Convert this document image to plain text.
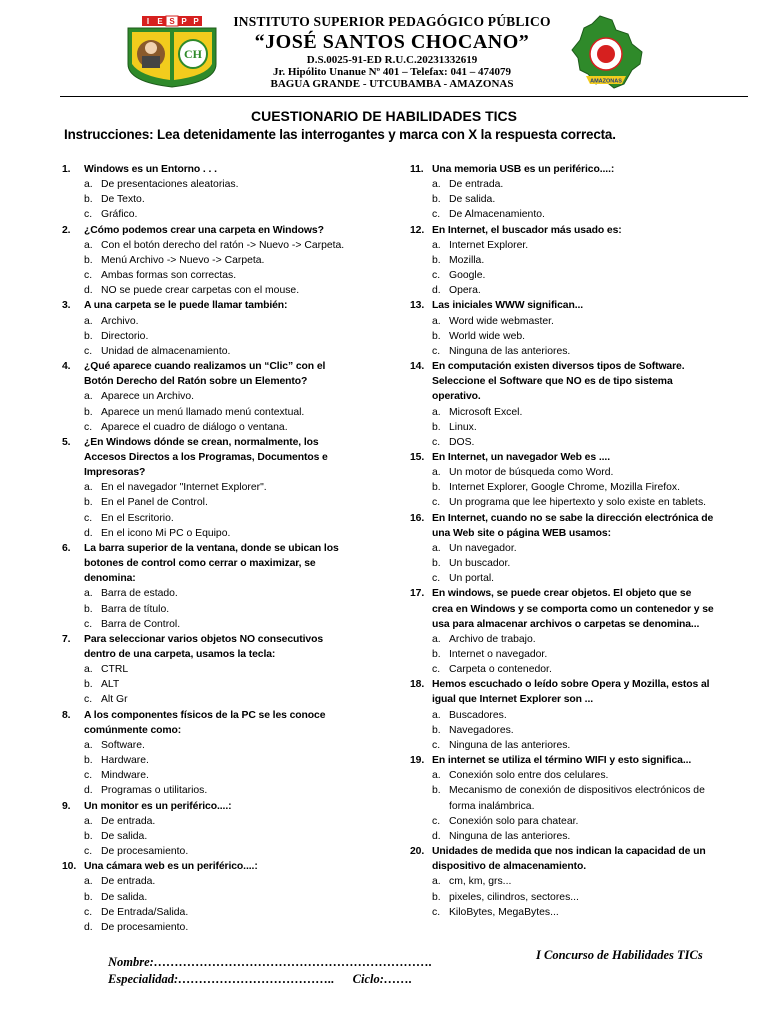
I E S P P
CH
INSTITUTO SUPERIOR PEDAGÓGICO PÚBLICO
“JOSÉ SANTOS CHOCANO”
D.S.0025-91-ED R.U.C.20231332619
Jr. Hipólito Unanue Nº 401 – Telefax: 041 – 474079
BAGUA GRANDE - UTCUBAMBA - AMAZONAS	AMAZONAS
CUESTIONARIO DE HABILIDADES TICS
Instrucciones: Lea detenidamente las interrogantes y marca con X la respuesta correcta.
1.	Windows es un Entorno . . .
a. De presentaciones aleatorias.
b. De Texto.
c. Gráfico.
2.	¿Cómo podemos crear una carpeta en Windows?
a. Con el botón derecho del ratón -> Nuevo -> Carpeta.
b. Menú Archivo -> Nuevo -> Carpeta.
c. Ambas formas son correctas.
d. NO se puede crear carpetas con el mouse.
3.	A una carpeta se le puede llamar también:
a. Archivo.
b. Directorio.
c. Unidad de almacenamiento.
4.	¿Qué aparece cuando realizamos un “Clic” con el Botón Derecho del Ratón sobre un Elemento?
a. Aparece un Archivo.
b. Aparece un menú llamado menú contextual.
c. Aparece el cuadro de diálogo o ventana.
5.	¿En Windows dónde se crean, normalmente, los Accesos Directos a los Programas, Documentos e Impresoras?
a. En el navegador "Internet Explorer".
b. En el Panel de Control.
c. En el Escritorio.
d. En el icono Mi PC o Equipo.
6.	La barra superior de la ventana, donde se ubican los botones de control como cerrar o maximizar, se denomina:
a. Barra de estado.
b. Barra de título.
c. Barra de Control.
7.	Para seleccionar varios objetos NO consecutivos dentro de una carpeta, usamos la tecla:
a. CTRL
b. ALT
c. Alt Gr
8.	A los componentes físicos de la PC se les conoce comúnmente como:
a. Software.
b. Hardware.
c. Mindware.
d. Programas o utilitarios.
9.	Un monitor es un periférico....:
a. De entrada.
b. De salida.
c. De procesamiento.
10. Una cámara web es un periférico....:
a. De entrada.
b. De salida.
c. De Entrada/Salida.
d. De procesamiento.
11. Una memoria USB es un periférico....:
a. De entrada.
b. De salida.
c. De Almacenamiento.
12. En Internet, el buscador más usado es:
a. Internet Explorer.
b. Mozilla.
c. Google.
d. Opera.
13. Las iniciales WWW significan...
a. Word wide webmaster.
b. World wide web.
c. Ninguna de las anteriores.
14. En computación existen diversos tipos de Software. Seleccione el Software que NO es de tipo sistema operativo.
a. Microsoft Excel.
b. Linux.
c. DOS.
15. En Internet, un navegador Web es ....
a. Un motor de búsqueda como Word.
b. Internet Explorer, Google Chrome, Mozilla Firefox.
c. Un programa que lee hipertexto y solo existe en tablets.
16. En Internet, cuando no se sabe la dirección electrónica de una Web site o página WEB usamos:
a. Un navegador.
b. Un buscador.
c. Un portal.
17. En windows, se puede crear objetos. El objeto que se crea en Windows y se comporta como un contenedor y se usa para almacenar archivos o carpetas se denomina...
a. Archivo de trabajo.
b. Internet o navegador.
c. Carpeta o contenedor.
18. Hemos escuchado o leído sobre Opera y Mozilla, estos al igual que Internet Explorer son ...
a. Buscadores.
b. Navegadores.
c. Ninguna de las anteriores.
19. En internet se utiliza el término WIFI y esto significa...
a. Conexión solo entre dos celulares.
b. Mecanismo de conexión de dispositivos electrónicos de forma inalámbrica.
c. Conexión solo para chatear.
d. Ninguna de las anteriores.
20. Unidades de medida que nos indican la capacidad de un dispositivo de almacenamiento.
a. cm, km, grs...
b. pixeles, cilindros, sectores...
c. KiloBytes, MegaBytes...
Nombre:………………………………………………………….
Especialidad:……………………………….. Ciclo:…….
I Concurso de Habilidades TICs
